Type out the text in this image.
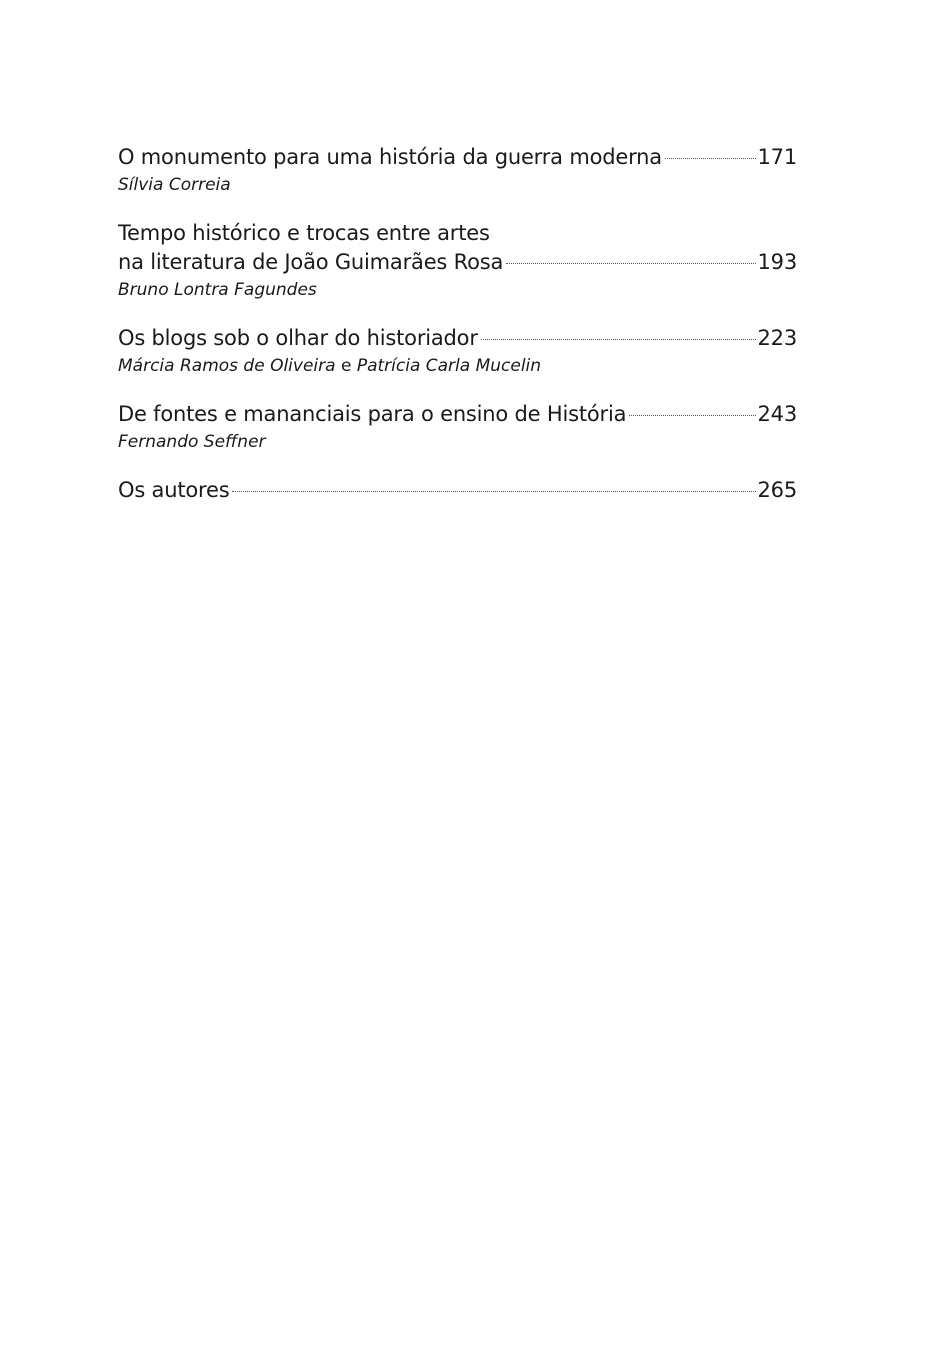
O monumento para uma história da guerra moderna	171
Sílvia Correia
Tempo histórico e trocas entre artes
na literatura de João Guimarães Rosa	193
Bruno Lontra Fagundes
Os blogs sob o olhar do historiador	223
Márcia Ramos de Oliveira e Patrícia Carla Mucelin
De fontes e mananciais para o ensino de História	243
Fernando Seffner
Os autores	265
